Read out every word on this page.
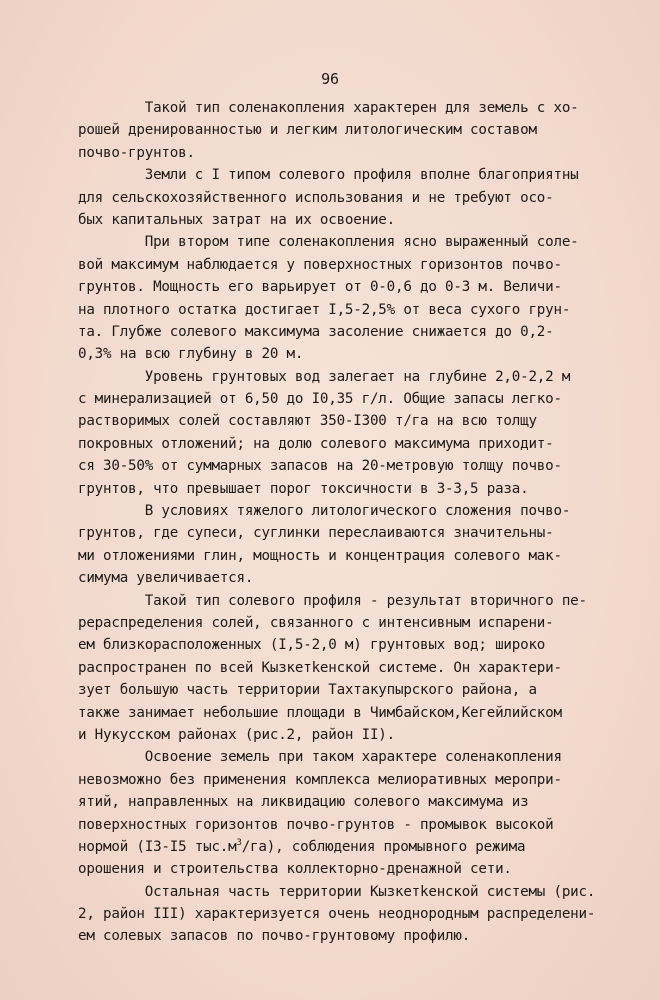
96
Такой тип соленакопления характерен для земель с хо-
рошей дренированностью и легким литологическим составом
почво-грунтов.
Земли с I типом солевого профиля вполне благоприятны
для сельскохозяйственного использования и не требуют осо-
бых капитальных затрат на их освоение.
При втором типе соленакопления ясно выраженный соле-
вой максимум наблюдается у поверхностных горизонтов почво-
грунтов. Мощность его варьирует от 0-0,6 до 0-3 м. Величи-
на плотного остатка достигает I,5-2,5% от веса сухого грун-
та. Глубже солевого максимума засоление снижается до 0,2-
0,3% на всю глубину в 20 м.
Уровень грунтовых вод залегает на глубине 2,0-2,2 м
с минерализацией от 6,50 до I0,35 г/л. Общие запасы легко-
растворимых солей составляют 350-I300 т/га на всю толщу
покровных отложений; на долю солевого максимума приходит-
ся 30-50% от суммарных запасов на 20-метровую толщу почво-
грунтов, что превышает порог токсичности в 3-3,5 раза.
В условиях тяжелого литологического сложения почво-
грунтов, где супеси, суглинки переслаиваются значительны-
ми отложениями глин, мощность и концентрация солевого мак-
симума увеличивается.
Такой тип солевого профиля - результат вторичного пе-
рераспределения солей, связанного с интенсивным испарени-
ем близкорасположенных (I,5-2,0 м) грунтовых вод; широко
распространен по всей Кызкетkенской системе. Он характери-
зует большую часть территории Тахтакупырского района, а
также занимает небольшие площади в Чимбайском,Кегейлийском
и Нукусском районах (рис.2, район II).
Освоение земель при таком характере соленакопления
невозможно без применения комплекса мелиоративных меропри-
ятий, направленных на ликвидацию солевого максимума из
поверхностных горизонтов почво-грунтов - промывок высокой
нормой (I3-I5 $тыс.м^3/га$), соблюдения промывного режима
орошения и строительства коллекторно-дренажной сети.
Остальная часть территории Кызкетkенской системы (рис.
2, район III) характеризуется очень неоднородным распределени-
ем солевых запасов по почво-грунтовому профилю.
